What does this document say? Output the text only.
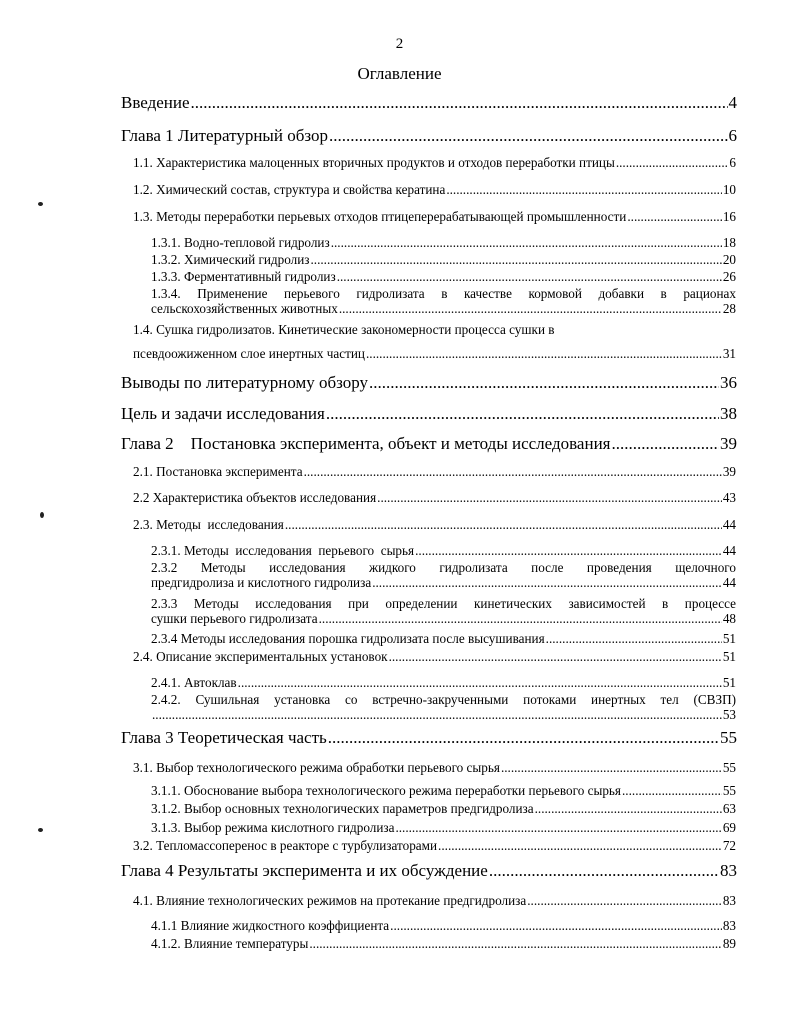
2
Оглавление
Введение .....	4
Глава 1 Литературный обзор .....	6
1.1. Характеристика малоценных вторичных продуктов и отходов переработки птицы .....	6
1.2. Химический состав, структура и свойства кератина .....	10
1.3. Методы переработки перьевых отходов птицеперерабатывающей промышленности .....	16
1.3.1. Водно-тепловой гидролиз .....	18
1.3.2. Химический гидролиз .....	20
1.3.3. Ферментативный гидролиз .....	26
1.3.4. Применение перьевого гидролизата в качестве кормовой добавки в рационах
сельскохозяйственных животных .....	28
1.4. Сушка гидролизатов. Кинетические закономерности процесса сушки в
псевдоожиженном слое инертных частиц .....	31
Выводы по литературному обзору .....	36
Цель и задачи исследования .....	38
Глава 2    Постановка эксперимента, объект и методы исследования .....	39
2.1. Постановка эксперимента .....	39
2.2 Характеристика объектов исследования .....	43
2.3. Методы  исследования .....	44
2.3.1. Методы  исследования  перьевого  сырья .....	44
2.3.2 Методы исследования жидкого гидролизата после проведения щелочного
предгидролиза и кислотного гидролиза .....	44
2.3.3 Методы исследования при определении кинетических зависимостей в процессе
сушки перьевого гидролизата .....	48
2.3.4 Методы исследования порошка гидролизата после высушивания .....	51
2.4. Описание экспериментальных установок .....	51
2.4.1. Автоклав .....	51
2.4.2. Сушильная установка со встречно-закрученными потоками инертных тел (СВЗП)
.....
53
Глава 3 Теоретическая часть .....	55
3.1. Выбор технологического режима обработки перьевого сырья .....	55
3.1.1. Обоснование выбора технологического режима переработки перьевого сырья .....	55
3.1.2. Выбор основных технологических параметров предгидролиза .....	63
3.1.3. Выбор режима кислотного гидролиза .....	69
3.2. Тепломассоперенос в реакторе с турбулизаторами .....	72
Глава 4 Результаты эксперимента и их обсуждение .....	83
4.1. Влияние технологических режимов на протекание предгидролиза .....	83
4.1.1 Влияние жидкостного коэффициента .....	83
4.1.2. Влияние температуры .....	89
